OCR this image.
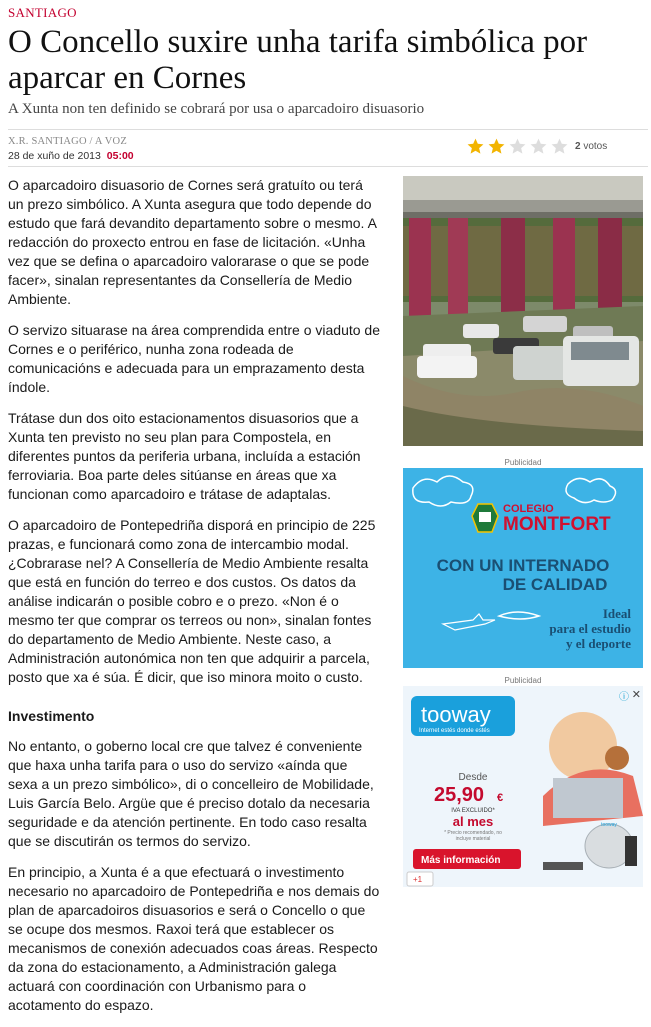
SANTIAGO
O Concello suxire unha tarifa simbólica por aparcar en Cornes
A Xunta non ten definido se cobrará por usa o aparcadoiro disuasorio
X.R. SANTIAGO / A VOZ
28 de xuño de 2013 05:00
2 votos

O aparcadoiro disuasorio de Cornes será gratuíto ou terá un prezo simbólico. A Xunta asegura que todo depende do estudo que fará devandito departamento sobre o mesmo. A redacción do proxecto entrou en fase de licitación. «Unha vez que se defina o aparcadoiro valorarase o que se pode facer», sinalan representantes da Consellería de Medio Ambiente.

O servizo situarase na área comprendida entre o viaduto de Cornes e o periférico, nunha zona rodeada de comunicacións e adecuada para un emprazamento desta índole.

Trátase dun dos oito estacionamentos disuasorios que a Xunta ten previsto no seu plan para Compostela, en diferentes puntos da periferia urbana, incluída a estación ferroviaria. Boa parte deles sitúanse en áreas que xa funcionan como aparcadoiro e trátase de adaptalas.

O aparcadoiro de Pontepedriña disporá en principio de 225 prazas, e funcionará como zona de intercambio modal. ¿Cobrarase nel? A Consellería de Medio Ambiente resalta que está en función do terreo e dos custos. Os datos da análise indicarán o posible cobro e o prezo. «Non é o mesmo ter que comprar os terreos ou non», sinalan fontes do departamento de Medio Ambiente. Neste caso, a Administración autonómica non ten que adquirir a parcela, posto que xa é súa. É dicir, que iso minora moito o custo.

Investimento

No entanto, o goberno local cre que talvez é conveniente que haxa unha tarifa para o uso do servizo «aínda que sexa a un prezo simbólico», di o concelleiro de Mobilidade, Luis García Belo. Argüe que é preciso dotalo da necesaria seguridade e da atención pertinente. En todo caso resalta que se discutirán os termos do servizo.

En principio, a Xunta é a que efectuará o investimento necesario no aparcadoiro de Pontepedriña e nos demais do plan de aparcadoiros disuasorios e será o Concello o que se ocupe dos mesmos. Raxoi terá que establecer os mecanismos de conexión adecuados coas áreas. Respecto da zona do estacionamento, a Administración galega actuará con coordinación con Urbanismo para o acotamento do espazo.

Publicidad
COLEGIO
MONTFORT
CON UN INTERNADO
DE CALIDAD
Ideal
para el estudio
y el deporte
Publicidad
tooway
Internet estés donde estés
Desde
25,90 €
IVA EXCLUIDO*
al mes
* Precio recomendado, no
incluye material
tooway
Más información
+1
ⓘ ✕
